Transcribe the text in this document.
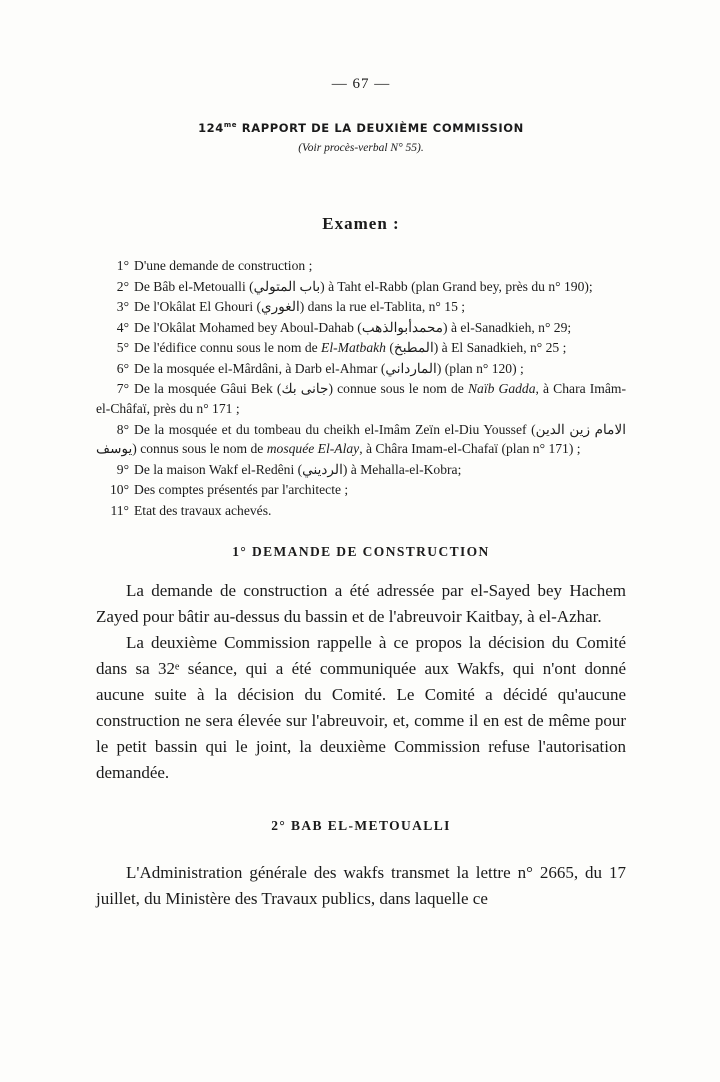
— 67 —
$124^{me}$ RAPPORT DE LA DEUXIÈME COMMISSION
(Voir procès-verbal N° 55).
Examen :

1° D'une demande de construction ;

2° De Bâb el-Metoualli (باب المتولي) à Taht el-Rabb (plan Grand bey, près du n° 190);

3° De l'Okâlat El Ghouri (الغوري) dans la rue el-Tablita, n° 15 ;

4° De l'Okâlat Mohamed bey Aboul-Dahab (محمدأبوالذهب) à el-Sanadkieh, n° 29;

5° De l'édifice connu sous le nom de El-Matbakh (المطبخ) à El Sanadkieh, n° 25 ;

6° De la mosquée el-Mârdâni, à Darb el-Ahmar (المارداني) (plan n° 120) ;

7° De la mosquée Gâui Bek (جانى بك) connue sous le nom de Naïb Gadda, à Chara Imâm-el-Châfaï, près du n° 171 ;

8° De la mosquée et du tombeau du cheikh el-Imâm Zeïn el-Diu Youssef (الامام زين الدين يوسف) connus sous le nom de mosquée El-Alay, à Châra Imam-el-Chafaï (plan n° 171) ;

9° De la maison Wakf el-Redêni (الرديني) à Mehalla-el-Kobra;

10° Des comptes présentés par l'architecte ;

11° Etat des travaux achevés.

1° DEMANDE DE CONSTRUCTION

La demande de construction a été adressée par el-Sayed bey Hachem Zayed pour bâtir au-dessus du bassin et de l'abreuvoir Kaitbay, à el-Azhar.

La deuxième Commission rappelle à ce propos la décision du Comité dans sa 32ᵉ séance, qui a été communiquée aux Wakfs, qui n'ont donné aucune suite à la décision du Comité. Le Comité a décidé qu'aucune construction ne sera élevée sur l'abreuvoir, et, comme il en est de même pour le petit bassin qui le joint, la deuxième Commission refuse l'autorisation demandée.

2° BAB EL-METOUALLI

L'Administration générale des wakfs transmet la lettre n° 2665, du 17 juillet, du Ministère des Travaux publics, dans laquelle ce
